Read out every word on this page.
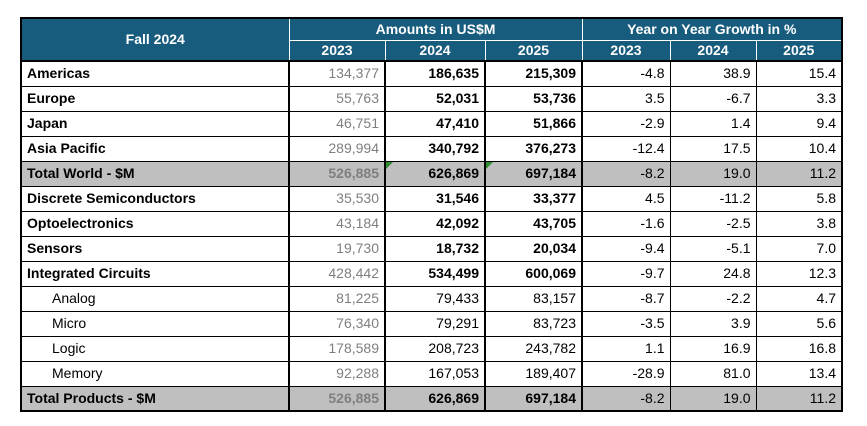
Fall 2024	Amounts in US$M			Year on Year Growth in %		
	2023	2024	2025	2023	2024	2025
Americas	134,377	186,635	215,309	-4.8	38.9	15.4
Europe	55,763	52,031	53,736	3.5	-6.7	3.3
Japan	46,751	47,410	51,866	-2.9	1.4	9.4
Asia Pacific	289,994	340,792	376,273	-12.4	17.5	10.4
Total World - $M	526,885	626,869	697,184	-8.2	19.0	11.2
Discrete Semiconductors	35,530	31,546	33,377	4.5	-11.2	5.8
Optoelectronics	43,184	42,092	43,705	-1.6	-2.5	3.8
Sensors	19,730	18,732	20,034	-9.4	-5.1	7.0
Integrated Circuits	428,442	534,499	600,069	-9.7	24.8	12.3
Analog	81,225	79,433	83,157	-8.7	-2.2	4.7
Micro	76,340	79,291	83,723	-3.5	3.9	5.6
Logic	178,589	208,723	243,782	1.1	16.9	16.8
Memory	92,288	167,053	189,407	-28.9	81.0	13.4
Total Products - $M	526,885	626,869	697,184	-8.2	19.0	11.2
